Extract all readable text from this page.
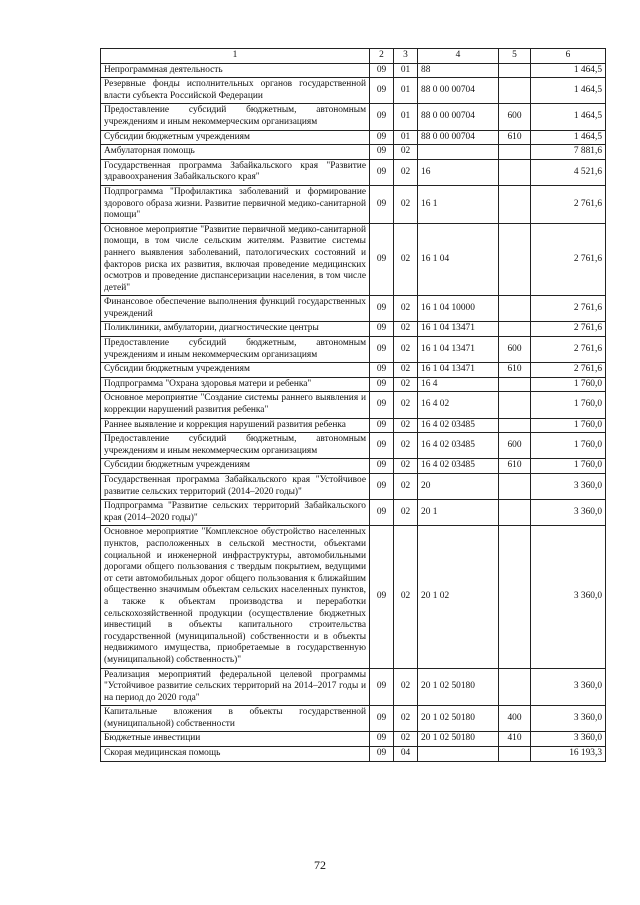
1	2	3	4	5	6
Непрограммная деятельность	09	01	88		1 464,5
Резервные фонды исполнительных органов государственной власти субъекта Российской Федерации	09	01	88 0 00 00704		1 464,5
Предоставление субсидий бюджетным, автономным учреждениям и иным некоммерческим организациям	09	01	88 0 00 00704	600	1 464,5
Субсидии бюджетным учреждениям	09	01	88 0 00 00704	610	1 464,5
Амбулаторная помощь	09	02			7 881,6
Государственная программа Забайкальского края "Развитие здравоохранения Забайкальского края"	09	02	16		4 521,6
Подпрограмма "Профилактика заболеваний и формирование здорового образа жизни. Развитие первичной медико-санитарной помощи"	09	02	16 1		2 761,6
Основное мероприятие "Развитие первичной медико-санитарной помощи, в том числе сельским жителям. Развитие системы раннего выявления заболеваний, патологических состояний и факторов риска их развития, включая проведение медицинских осмотров и проведение диспансеризации населения, в том числе детей"	09	02	16 1 04		2 761,6
Финансовое обеспечение выполнения функций государственных учреждений	09	02	16 1 04 10000		2 761,6
Поликлиники, амбулатории, диагностические центры	09	02	16 1 04 13471		2 761,6
Предоставление субсидий бюджетным, автономным учреждениям и иным некоммерческим организациям	09	02	16 1 04 13471	600	2 761,6
Субсидии бюджетным учреждениям	09	02	16 1 04 13471	610	2 761,6
Подпрограмма "Охрана здоровья матери и ребенка"	09	02	16 4		1 760,0
Основное мероприятие "Создание системы раннего выявления и коррекции нарушений развития ребенка"	09	02	16 4 02		1 760,0
Раннее выявление и коррекция нарушений развития ребенка	09	02	16 4 02 03485		1 760,0
Предоставление субсидий бюджетным, автономным учреждениям и иным некоммерческим организациям	09	02	16 4 02 03485	600	1 760,0
Субсидии бюджетным учреждениям	09	02	16 4 02 03485	610	1 760,0
Государственная программа Забайкальского края "Устойчивое развитие сельских территорий (2014–2020 годы)"	09	02	20		3 360,0
Подпрограмма "Развитие сельских территорий Забайкальского края (2014–2020 годы)"	09	02	20 1		3 360,0
Основное мероприятие "Комплексное обустройство населенных пунктов, расположенных в сельской местности, объектами социальной и инженерной инфраструктуры, автомобильными дорогами общего пользования с твердым покрытием, ведущими от сети автомобильных дорог общего пользования к ближайшим общественно значимым объектам сельских населенных пунктов, а также к объектам производства и переработки сельскохозяйственной продукции (осуществление бюджетных инвестиций в объекты капитального строительства государственной (муниципальной) собственности и в объекты недвижимого имущества, приобретаемые в государственную (муниципальной) собственность)"	09	02	20 1 02		3 360,0
Реализация мероприятий федеральной целевой программы "Устойчивое развитие сельских территорий на 2014–2017 годы и на период до 2020 года"	09	02	20 1 02 50180		3 360,0
Капитальные вложения в объекты государственной (муниципальной) собственности	09	02	20 1 02 50180	400	3 360,0
Бюджетные инвестиции	09	02	20 1 02 50180	410	3 360,0
Скорая медицинская помощь	09	04			16 193,3
72
